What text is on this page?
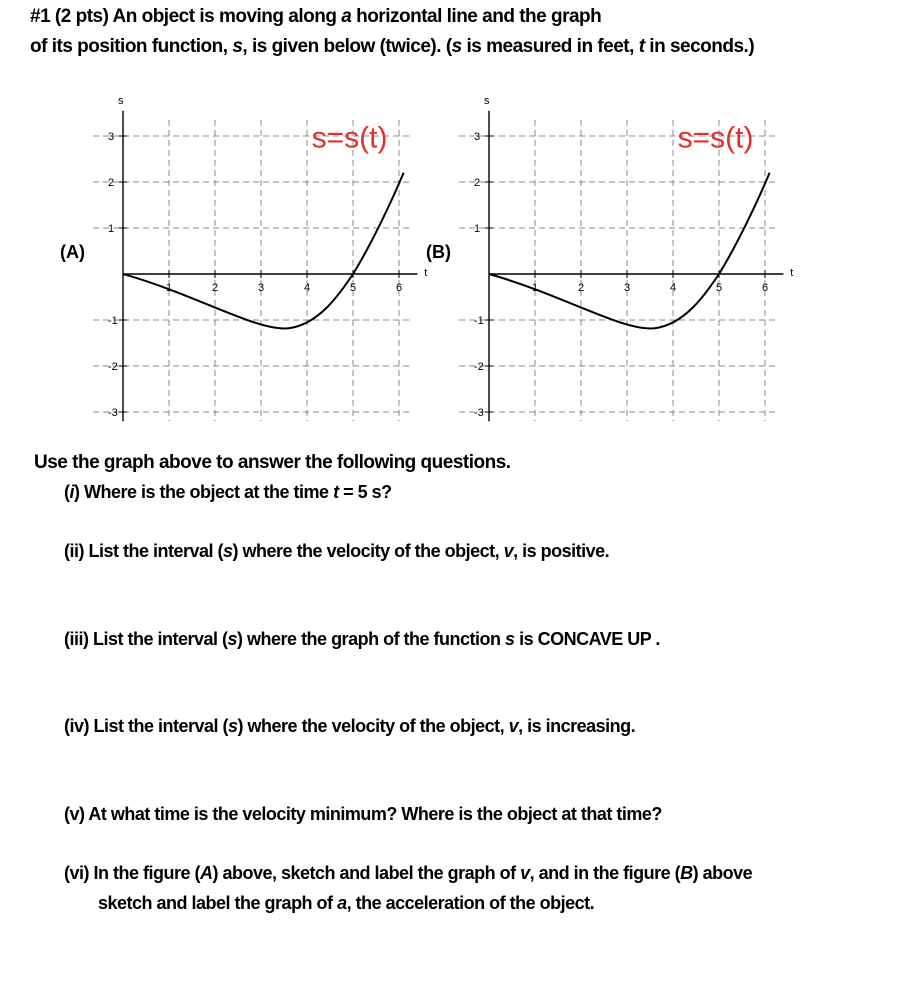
#1 (2 pts) An object is moving along a horizontal line and the graph
of its position function, s, is given below (twice). (s is measured in feet, t in seconds.)
(A)	(B)
1	2	3	4	5	6
3
2
1
-1
-2
-3
s
t
s=s(t)
1	2	3	4	5	6
3
2
1
-1
-2
-3
s
t
s=s(t)
Use the graph above to answer the following questions.
(i) Where is the object at the time t = 5 s?
(ii) List the interval (s) where the velocity of the object, v, is positive.
(iii) List the interval (s) where the graph of the function s is CONCAVE UP .
(iv) List the interval (s) where the velocity of the object, v, is increasing.
(v) At what time is the velocity minimum? Where is the object at that time?
(vi) In the figure (A) above, sketch and label the graph of v, and in the figure (B) above
sketch and label the graph of a, the acceleration of the object.
